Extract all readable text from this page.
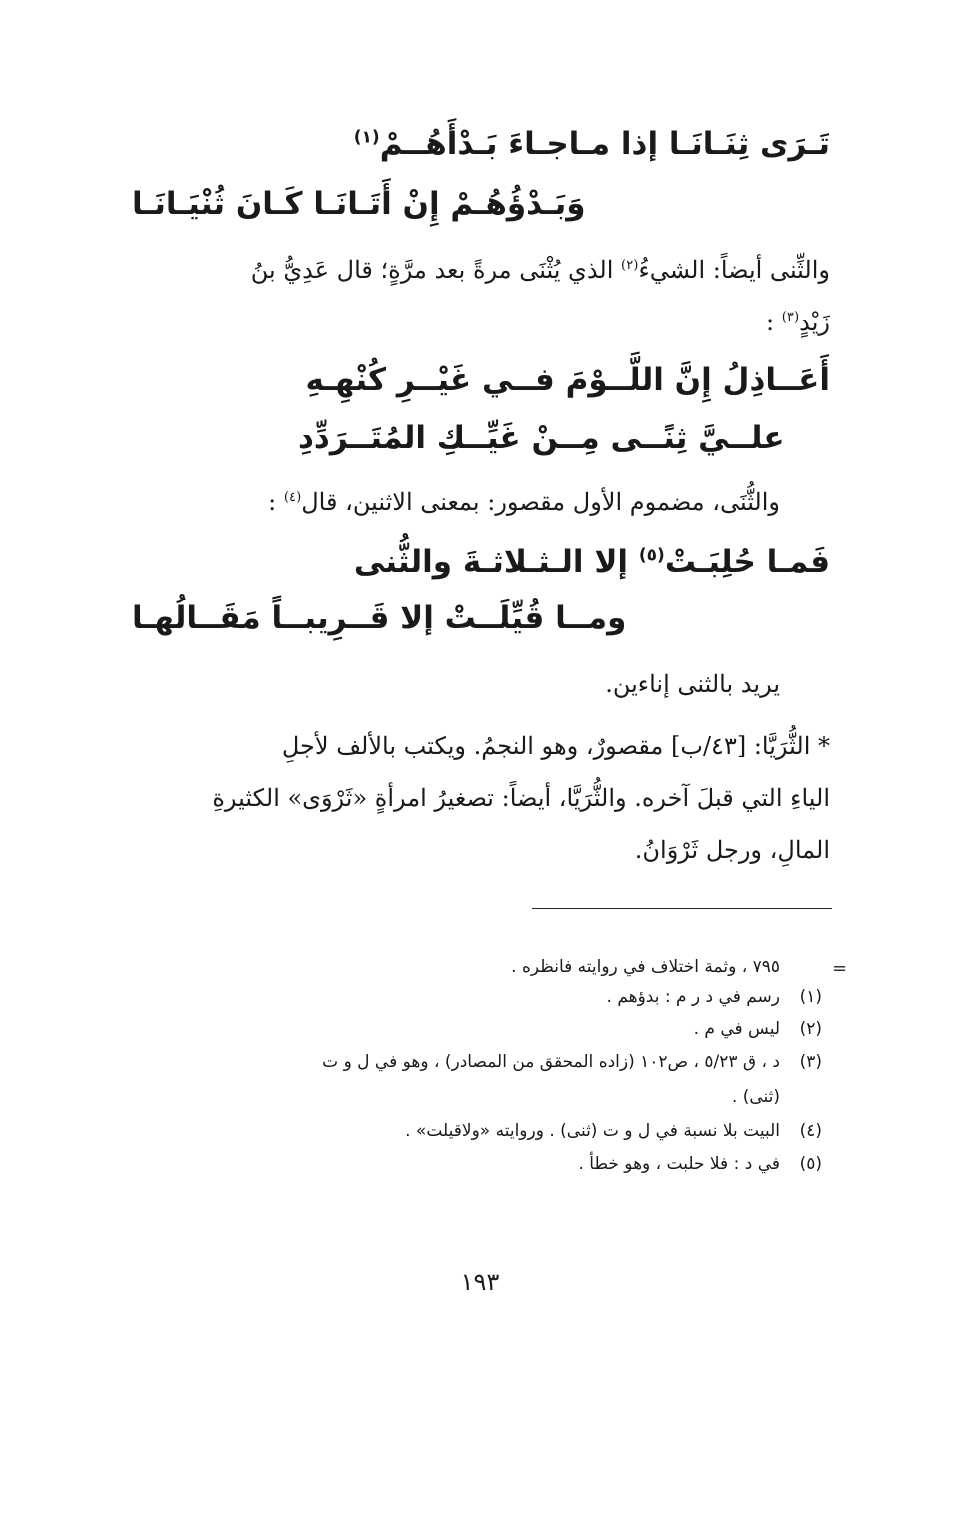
تَـرَى ثِنَـانَـا إذا مـاجـاءَ بَـدْأَهُــمْ$^{(١)}$
وَبَـدْؤُهُـمْ إِنْ أَتَـانَـا كَـانَ ثُنْيَـانَـا
والثِّنى أيضاً: الشيءُ$^{(٢)}$ الذي يُثْنَى مرةً بعد مرَّةٍ؛ قال عَدِيُّ بنُ
زَيْدٍ$^{(٣)}$ :
أَعَــاذِلُ إِنَّ اللَّــوْمَ فــي غَيْــرِ كُنْهِـهِ
علــيَّ ثِنًــى مِــنْ غَيِّــكِ المُتَــرَدِّدِ
والثُّنَى، مضموم الأول مقصور: بمعنى الاثنين، قال$^{(٤)}$ :
فَمـا حُلِبَـتْ$^{(٥)}$ إلا الـثـلاثـةَ والثُّنى
ومــا قُيِّلَــتْ إلا قَــرِيبــاً مَقَــالُهـا
يريد بالثنى إناءين.
* الثُّرَيَّا: [٤٣/ب] مقصورٌ، وهو النجمُ. ويكتب بالألف لأجلِ
الياءِ التي قبلَ آخره. والثُّرَيَّا، أيضاً: تصغيرُ امرأةٍ «ثَرْوَى» الكثيرةِ
المالِ، ورجل ثَرْوَانُ.
=
٧٩٥ ، وثمة اختلاف في روايته فانظره .
(١)رسم في د ر م : بدؤهم .
(٢)ليس في م .
(٣)د ، ق ٥/٢٣ ، ص١٠٢ (زاده المحقق من المصادر) ، وهو في ل و ت
(ثنى) .
(٤)البيت بلا نسبة في ل و ت (ثنى) . وروايته «ولاقيلت» .
(٥)في د : فلا حلبت ، وهو خطأ .
١٩٣
